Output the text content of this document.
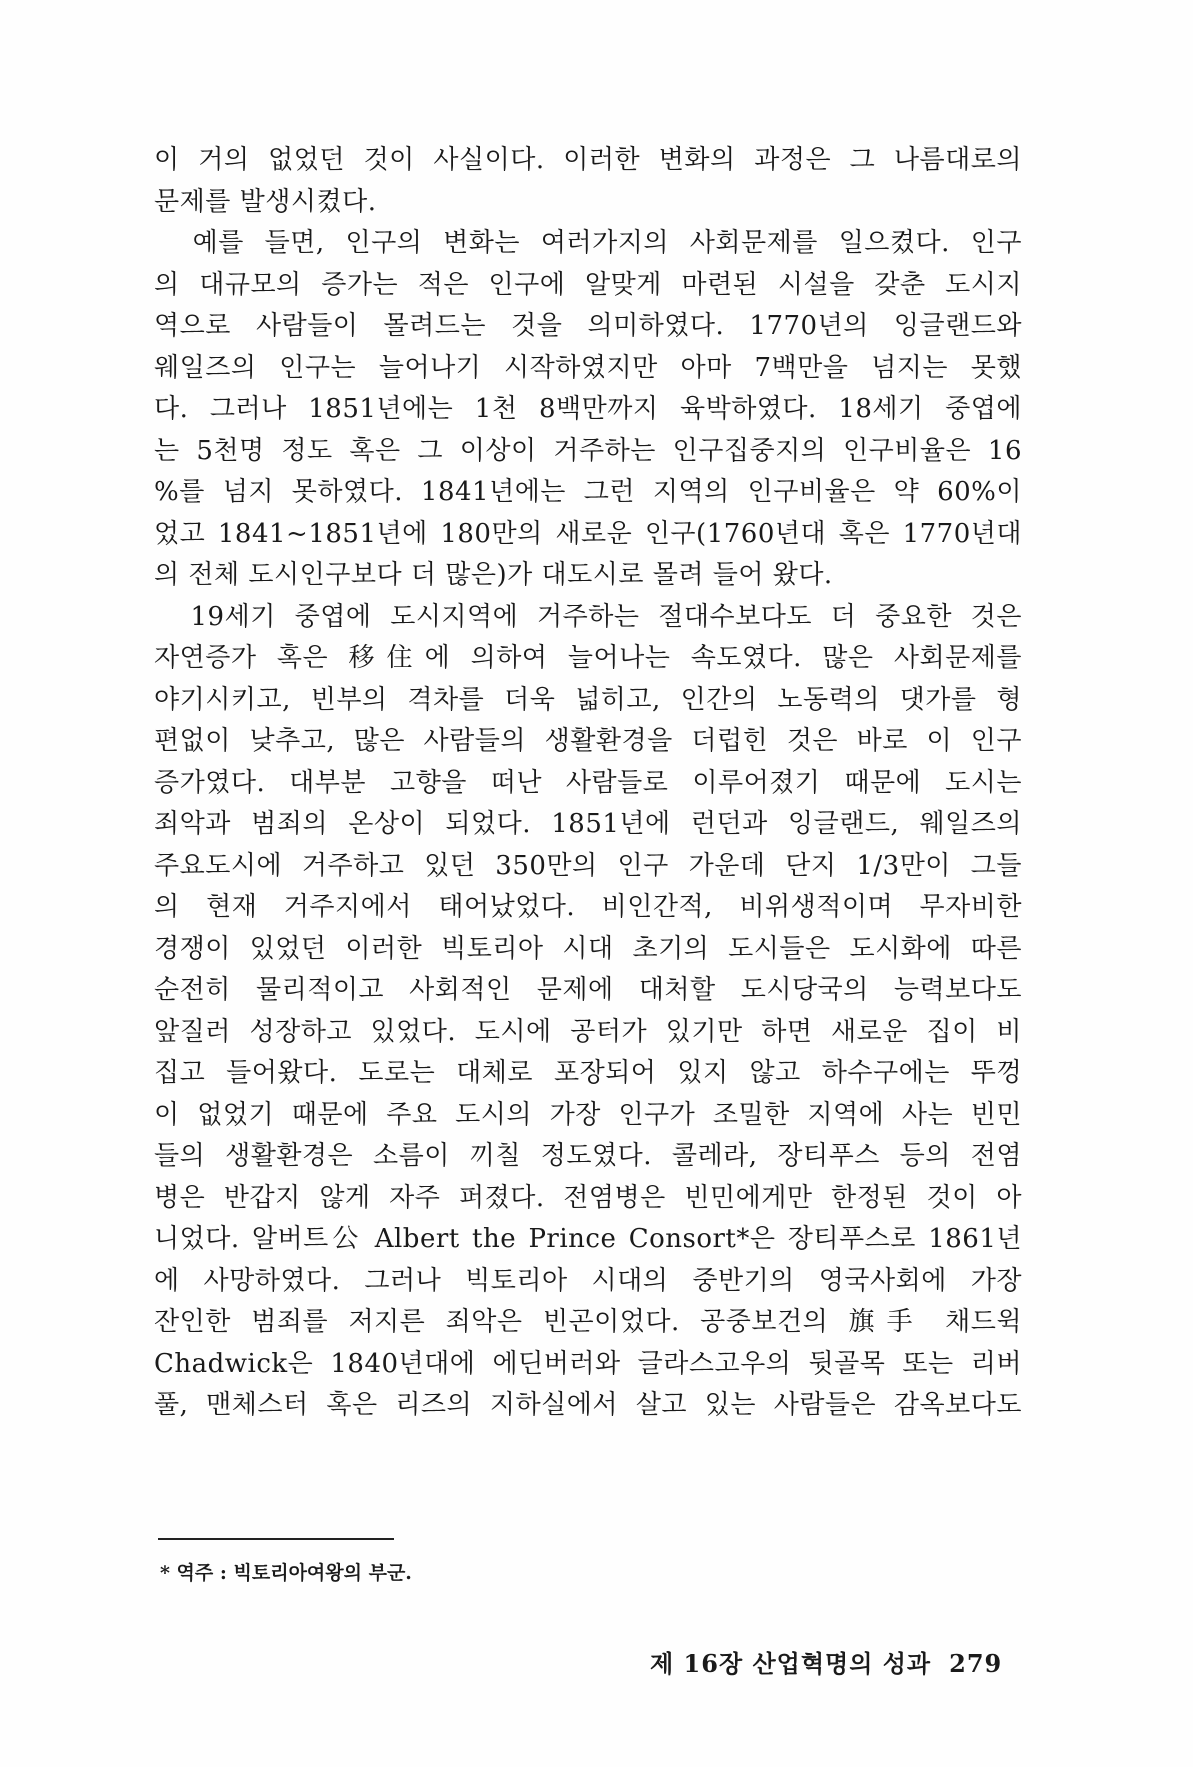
이 거의 없었던 것이 사실이다. 이러한 변화의 과정은 그 나름대로의
문제를 발생시켰다.
　예를 들면, 인구의 변화는 여러가지의 사회문제를 일으켰다. 인구
의 대규모의 증가는 적은 인구에 알맞게 마련된 시설을 갖춘 도시지
역으로 사람들이 몰려드는 것을 의미하였다. 1770년의 잉글랜드와
웨일즈의 인구는 늘어나기 시작하였지만 아마 7백만을 넘지는 못했
다. 그러나 1851년에는 1천 8백만까지 육박하였다. 18세기 중엽에
는 5천명 정도 혹은 그 이상이 거주하는 인구집중지의 인구비율은 16
%를 넘지 못하였다. 1841년에는 그런 지역의 인구비율은 약 60%이
었고 1841~1851년에 180만의 새로운 인구(1760년대 혹은 1770년대
의 전체 도시인구보다 더 많은)가 대도시로 몰려 들어 왔다.
　19세기 중엽에 도시지역에 거주하는 절대수보다도 더 중요한 것은
자연증가 혹은 移住에 의하여 늘어나는 속도였다. 많은 사회문제를
야기시키고, 빈부의 격차를 더욱 넓히고, 인간의 노동력의 댓가를 형
편없이 낮추고, 많은 사람들의 생활환경을 더럽힌 것은 바로 이 인구
증가였다. 대부분 고향을 떠난 사람들로 이루어졌기 때문에 도시는
죄악과 범죄의 온상이 되었다. 1851년에 런던과 잉글랜드, 웨일즈의
주요도시에 거주하고 있던 350만의 인구 가운데 단지 1/3만이 그들
의 현재 거주지에서 태어났었다. 비인간적, 비위생적이며 무자비한
경쟁이 있었던 이러한 빅토리아 시대 초기의 도시들은 도시화에 따른
순전히 물리적이고 사회적인 문제에 대처할 도시당국의 능력보다도
앞질러 성장하고 있었다. 도시에 공터가 있기만 하면 새로운 집이 비
집고 들어왔다. 도로는 대체로 포장되어 있지 않고 하수구에는 뚜껑
이 없었기 때문에 주요 도시의 가장 인구가 조밀한 지역에 사는 빈민
들의 생활환경은 소름이 끼칠 정도였다. 콜레라, 장티푸스 등의 전염
병은 반갑지 않게 자주 퍼졌다. 전염병은 빈민에게만 한정된 것이 아
니었다. 알버트公 Albert the Prince Consort*은 장티푸스로 1861년
에 사망하였다. 그러나 빅토리아 시대의 중반기의 영국사회에 가장
잔인한 범죄를 저지른 죄악은 빈곤이었다. 공중보건의 旗手 채드윅
Chadwick은 1840년대에 에딘버러와 글라스고우의 뒷골목 또는 리버
풀, 맨체스터 혹은 리즈의 지하실에서 살고 있는 사람들은 감옥보다도
* 역주 : 빅토리아여왕의 부군.
제 16장 산업혁명의 성과 279
